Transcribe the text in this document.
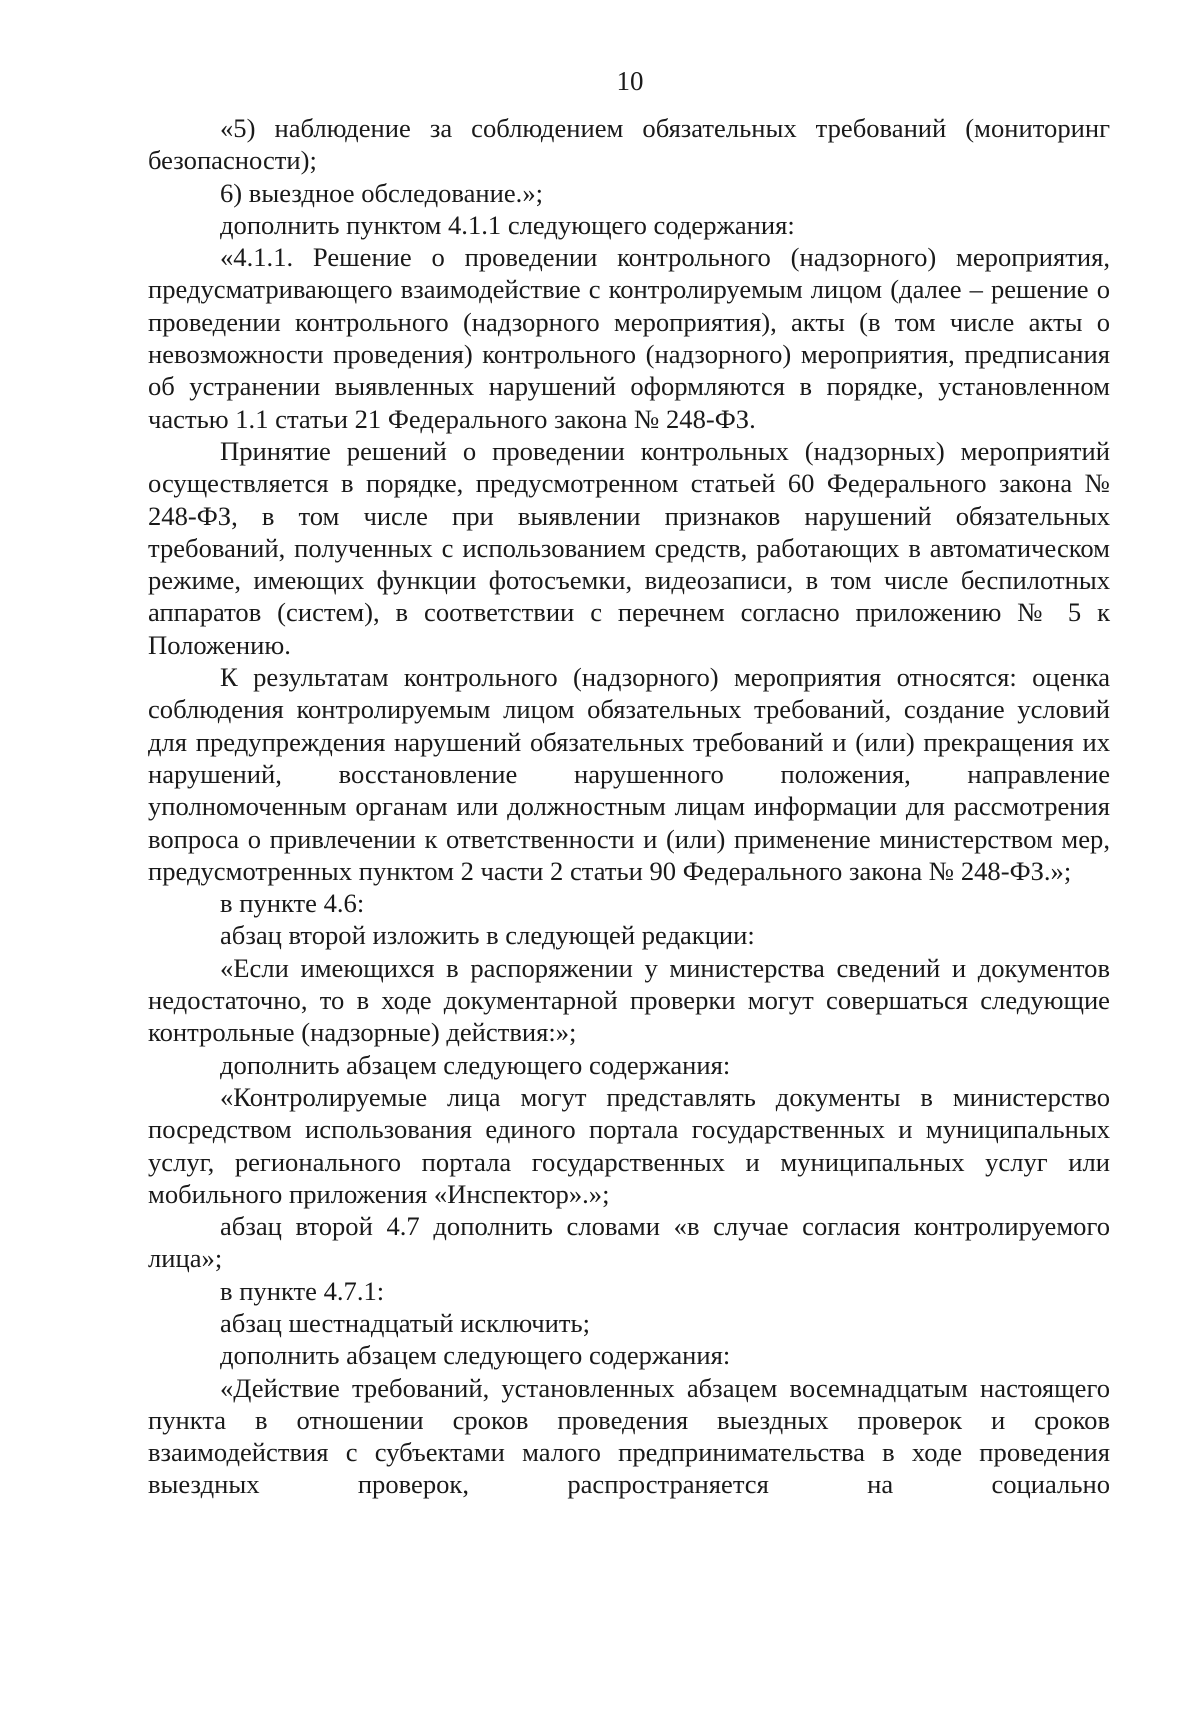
10

«5) наблюдение за соблюдением обязательных требований (мониторинг безопасности);

6) выездное обследование.»;

дополнить пунктом 4.1.1 следующего содержания:

«4.1.1. Решение о проведении контрольного (надзорного) мероприятия, предусматривающего взаимодействие с контролируемым лицом (далее – решение о проведении контрольного (надзорного мероприятия), акты (в том числе акты о невозможности проведения) контрольного (надзорного) мероприятия, предписания об устранении выявленных нарушений оформляются в порядке, установленном частью 1.1 статьи 21 Федерального закона № 248-ФЗ.

Принятие решений о проведении контрольных (надзорных) мероприятий осуществляется в порядке, предусмотренном статьей 60 Федерального закона № 248-ФЗ, в том числе при выявлении признаков нарушений обязательных требований, полученных с использованием средств, работающих в автоматическом режиме, имеющих функции фотосъемки, видеозаписи, в том числе беспилотных аппаратов (систем), в соответствии с перечнем согласно приложению № 5 к Положению.

К результатам контрольного (надзорного) мероприятия относятся: оценка соблюдения контролируемым лицом обязательных требований, создание условий для предупреждения нарушений обязательных требований и (или) прекращения их нарушений, восстановление нарушенного положения, направление уполномоченным органам или должностным лицам информации для рассмотрения вопроса о привлечении к ответственности и (или) применение министерством мер, предусмотренных пунктом 2 части 2 статьи 90 Федерального закона № 248-ФЗ.»;

в пункте 4.6:

абзац второй изложить в следующей редакции:

«Если имеющихся в распоряжении у министерства сведений и документов недостаточно, то в ходе документарной проверки могут совершаться следующие контрольные (надзорные) действия:»;

дополнить абзацем следующего содержания:

«Контролируемые лица могут представлять документы в министерство посредством использования единого портала государственных и муниципальных услуг, регионального портала государственных и муниципальных услуг или мобильного приложения «Инспектор».»;

абзац второй 4.7 дополнить словами «в случае согласия контролируемого лица»;

в пункте 4.7.1:

абзац шестнадцатый исключить;

дополнить абзацем следующего содержания:

«Действие требований, установленных абзацем восемнадцатым настоящего пункта в отношении сроков проведения выездных проверок и сроков взаимодействия с субъектами малого предпринимательства в ходе проведения выездных проверок, распространяется на социально
